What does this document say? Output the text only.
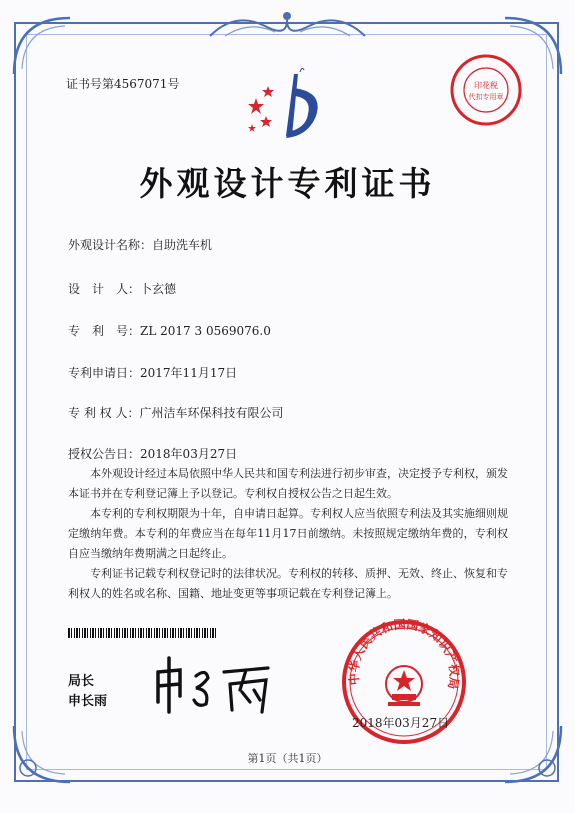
证书号第4567071号	印花税
代扣专用章
外观设计专利证书
外观设计名称：自助洗车机
设　计　人：卜玄德
专　利　号：ZL 2017 3 0569076.0
专利申请日：2017年11月17日
专 利 权 人：广州洁车环保科技有限公司
授权公告日：2018年03月27日

本外观设计经过本局依照中华人民共和国专利法进行初步审查，决定授予专利权，颁发本证书并在专利登记簿上予以登记。专利权自授权公告之日起生效。

本专利的专利权期限为十年，自申请日起算。专利权人应当依照专利法及其实施细则规定缴纳年费。本专利的年费应当在每年11月17日前缴纳。未按照规定缴纳年费的，专利权自应当缴纳年费期满之日起终止。

专利证书记载专利权登记时的法律状况。专利权的转移、质押、无效、终止、恢复和专利权人的姓名或名称、国籍、地址变更等事项记载在专利登记簿上。

局长
申长雨
中华人民共和国国家知识产权局
2018年03月27日
第1页（共1页）
